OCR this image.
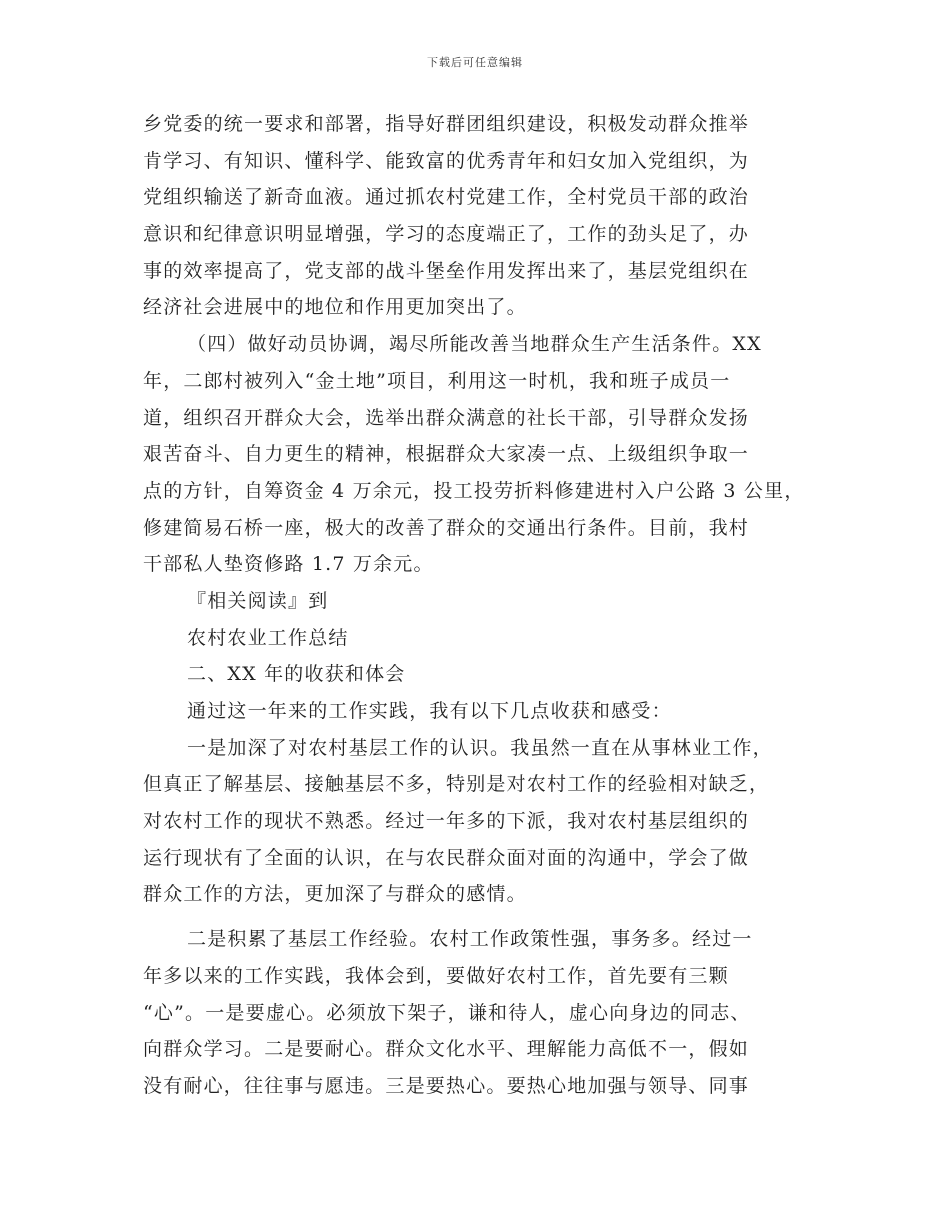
下载后可任意编辑
乡党委的统一要求和部署，指导好群团组织建设，积极发动群众推举
肯学习、有知识、懂科学、能致富的优秀青年和妇女加入党组织，为
党组织输送了新奇血液。通过抓农村党建工作，全村党员干部的政治
意识和纪律意识明显增强，学习的态度端正了，工作的劲头足了，办
事的效率提高了，党支部的战斗堡垒作用发挥出来了，基层党组织在
经济社会进展中的地位和作用更加突出了。
（四）做好动员协调，竭尽所能改善当地群众生产生活条件。XX
年，二郎村被列入“金土地”项目，利用这一时机，我和班子成员一
道，组织召开群众大会，选举出群众满意的社长干部，引导群众发扬
艰苦奋斗、自力更生的精神，根据群众大家凑一点、上级组织争取一
点的方针，自筹资金 4 万余元，投工投劳折料修建进村入户公路 3 公里，
修建简易石桥一座，极大的改善了群众的交通出行条件。目前，我村
干部私人垫资修路 1.7 万余元。
『相关阅读』到
农村农业工作总结
二、XX 年的收获和体会
通过这一年来的工作实践，我有以下几点收获和感受：
一是加深了对农村基层工作的认识。我虽然一直在从事林业工作，
但真正了解基层、接触基层不多，特别是对农村工作的经验相对缺乏，
对农村工作的现状不熟悉。经过一年多的下派，我对农村基层组织的
运行现状有了全面的认识，在与农民群众面对面的沟通中，学会了做
群众工作的方法，更加深了与群众的感情。
二是积累了基层工作经验。农村工作政策性强，事务多。经过一
年多以来的工作实践，我体会到，要做好农村工作，首先要有三颗
“心”。一是要虚心。必须放下架子，谦和待人，虚心向身边的同志、
向群众学习。二是要耐心。群众文化水平、理解能力高低不一，假如
没有耐心，往往事与愿违。三是要热心。要热心地加强与领导、同事
